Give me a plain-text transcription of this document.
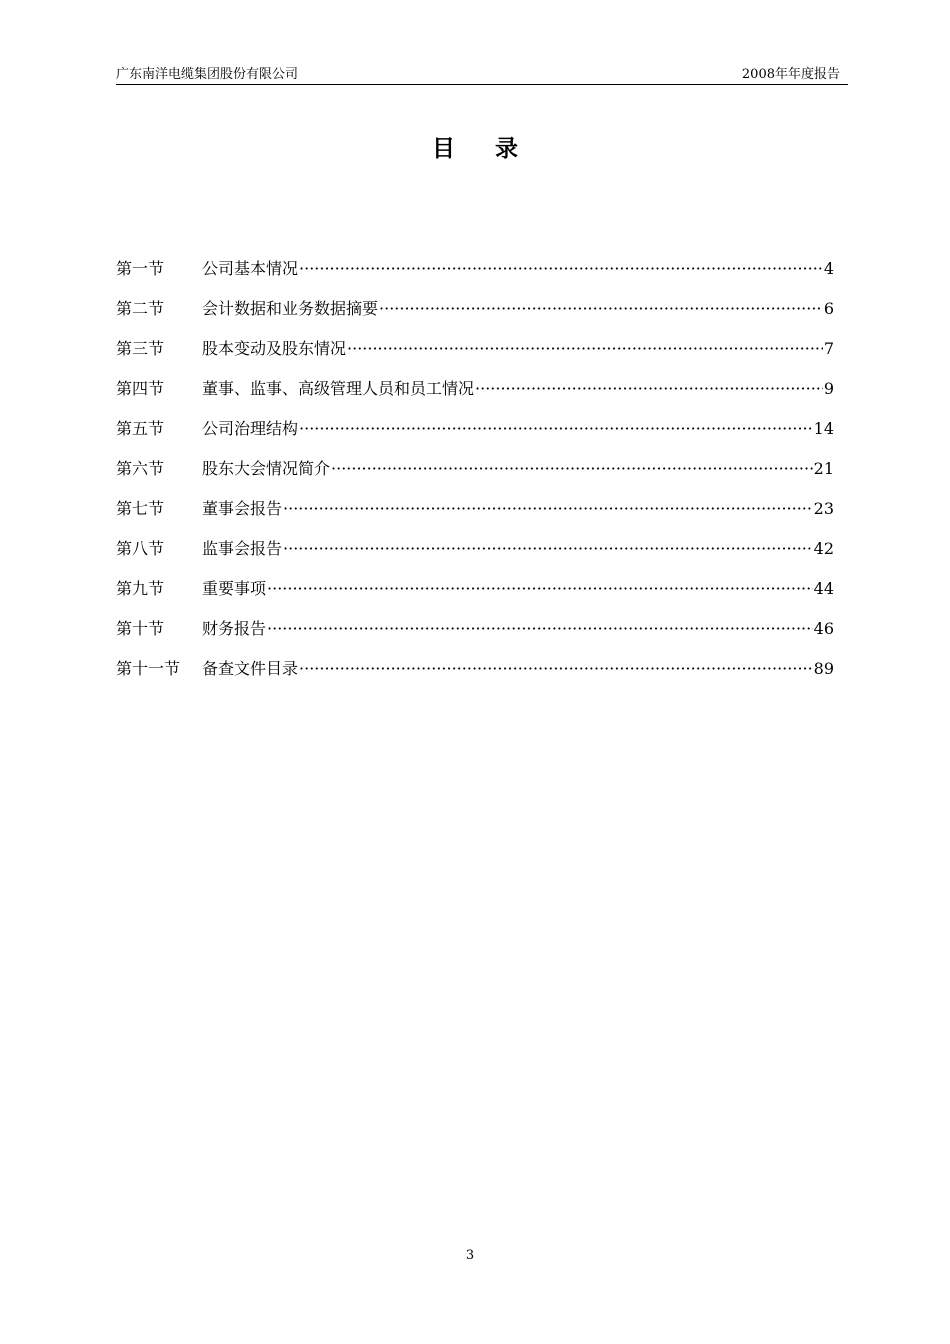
广东南洋电缆集团股份有限公司	2008年年度报告
目录
第一节	公司基本情况 ·····	4
第二节	会计数据和业务数据摘要 ·····	6
第三节	股本变动及股东情况 ·····	7
第四节	董事、监事、高级管理人员和员工情况 ·····	9
第五节	公司治理结构 ·····	14
第六节	股东大会情况简介 ·····	21
第七节	董事会报告 ·····	23
第八节	监事会报告 ·····	42
第九节	重要事项 ·····	44
第十节	财务报告 ·····	46
第十一节	备查文件目录 ·····	89
3
